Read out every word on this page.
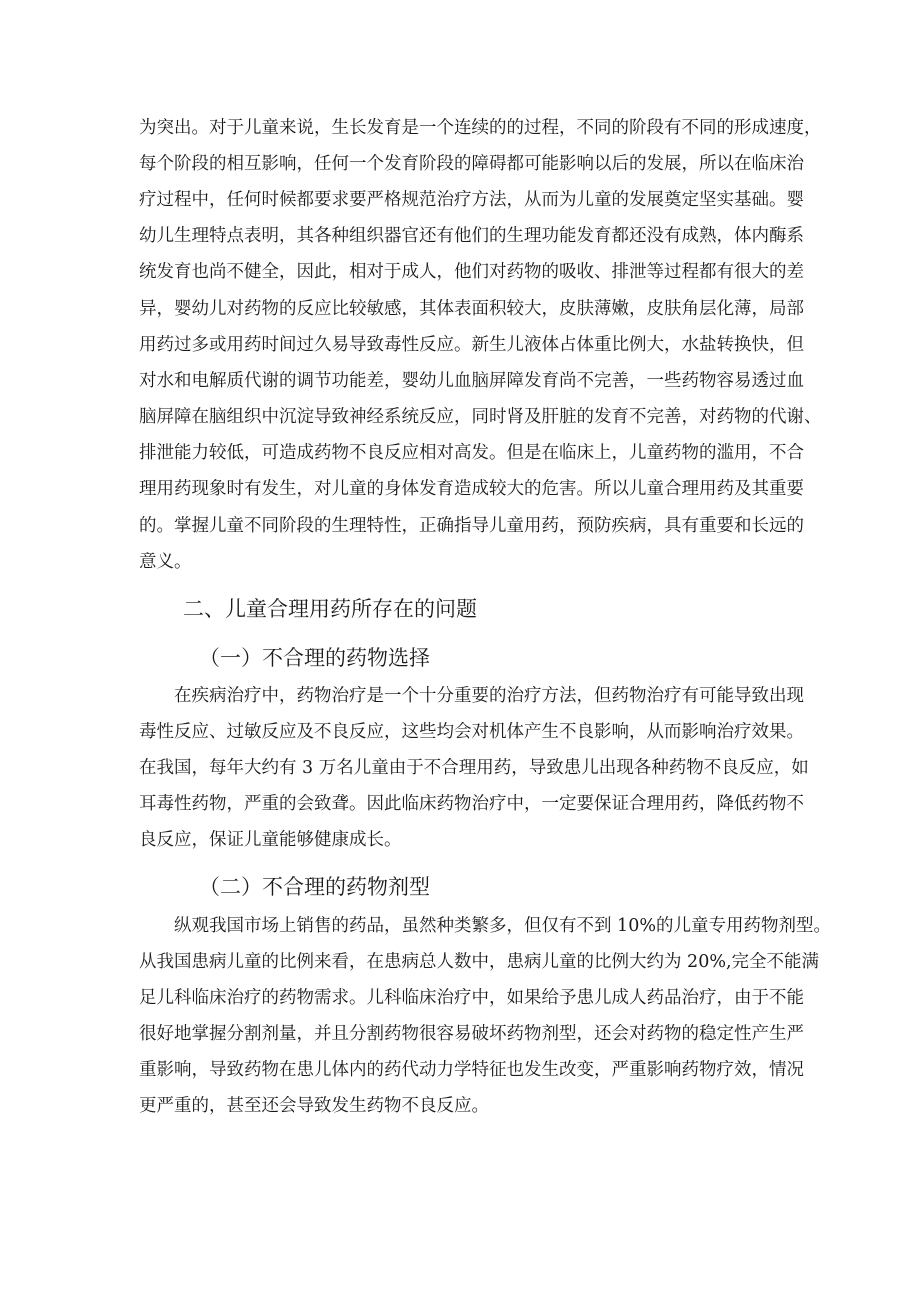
为突出。对于儿童来说，生长发育是一个连续的的过程，不同的阶段有不同的形成速度，
每个阶段的相互影响，任何一个发育阶段的障碍都可能影响以后的发展，所以在临床治
疗过程中，任何时候都要求要严格规范治疗方法，从而为儿童的发展奠定坚实基础。婴
幼儿生理特点表明，其各种组织器官还有他们的生理功能发育都还没有成熟，体内酶系
统发育也尚不健全，因此，相对于成人，他们对药物的吸收、排泄等过程都有很大的差
异，婴幼儿对药物的反应比较敏感，其体表面积较大，皮肤薄嫩，皮肤角层化薄，局部
用药过多或用药时间过久易导致毒性反应。新生儿液体占体重比例大，水盐转换快，但
对水和电解质代谢的调节功能差，婴幼儿血脑屏障发育尚不完善，一些药物容易透过血
脑屏障在脑组织中沉淀导致神经系统反应，同时肾及肝脏的发育不完善，对药物的代谢、
排泄能力较低，可造成药物不良反应相对高发。但是在临床上，儿童药物的滥用，不合
理用药现象时有发生，对儿童的身体发育造成较大的危害。所以儿童合理用药及其重要
的。掌握儿童不同阶段的生理特性，正确指导儿童用药，预防疾病，具有重要和长远的
意义。
二、儿童合理用药所存在的问题
（一）不合理的药物选择
在疾病治疗中，药物治疗是一个十分重要的治疗方法，但药物治疗有可能导致出现
毒性反应、过敏反应及不良反应，这些均会对机体产生不良影响，从而影响治疗效果。
在我国，每年大约有 3 万名儿童由于不合理用药，导致患儿出现各种药物不良反应，如
耳毒性药物，严重的会致聋。因此临床药物治疗中，一定要保证合理用药，降低药物不
良反应，保证儿童能够健康成长。
（二）不合理的药物剂型
纵观我国市场上销售的药品，虽然种类繁多，但仅有不到 10%的儿童专用药物剂型。
从我国患病儿童的比例来看，在患病总人数中，患病儿童的比例大约为 20%,完全不能满
足儿科临床治疗的药物需求。儿科临床治疗中，如果给予患儿成人药品治疗，由于不能
很好地掌握分割剂量，并且分割药物很容易破坏药物剂型，还会对药物的稳定性产生严
重影响，导致药物在患儿体内的药代动力学特征也发生改变，严重影响药物疗效，情况
更严重的，甚至还会导致发生药物不良反应。
